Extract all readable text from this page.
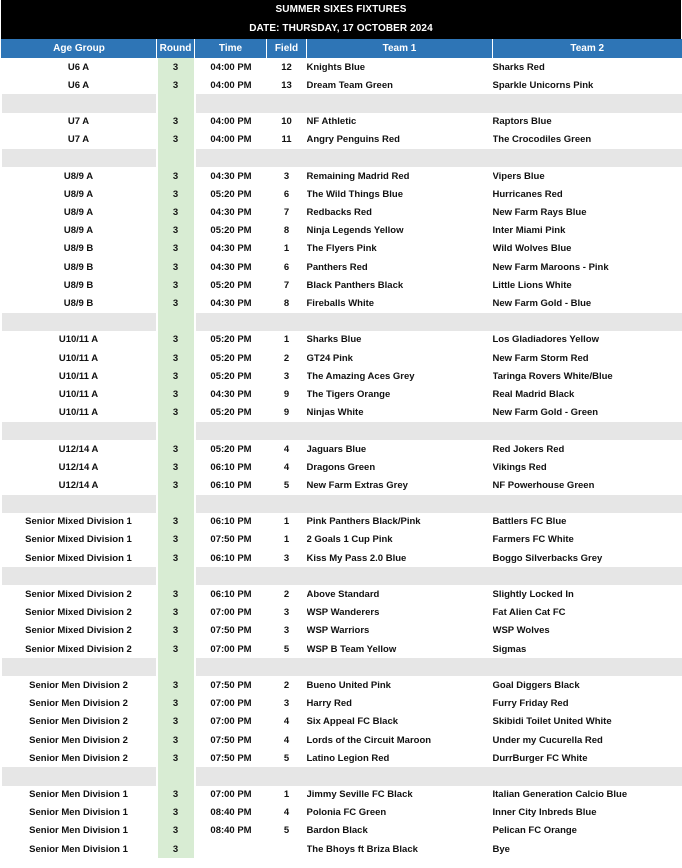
SUMMER SIXES FIXTURES
DATE: THURSDAY, 17 OCTOBER 2024
Age Group	Round	Time	Field	Team 1	Team 2
U6 A	3	04:00 PM	12	Knights Blue	Sharks Red
U6 A	3	04:00 PM	13	Dream Team Green	Sparkle Unicorns Pink

U7 A	3	04:00 PM	10	NF Athletic	Raptors Blue
U7 A	3	04:00 PM	11	Angry Penguins Red	The Crocodiles Green

U8/9 A	3	04:30 PM	3	Remaining Madrid Red	Vipers Blue
U8/9 A	3	05:20 PM	6	The Wild Things Blue	Hurricanes Red
U8/9 A	3	04:30 PM	7	Redbacks Red	New Farm Rays Blue
U8/9 A	3	05:20 PM	8	Ninja Legends Yellow	Inter Miami Pink
U8/9 B	3	04:30 PM	1	The Flyers Pink	Wild Wolves Blue
U8/9 B	3	04:30 PM	6	Panthers Red	New Farm Maroons - Pink
U8/9 B	3	05:20 PM	7	Black Panthers Black	Little Lions White
U8/9 B	3	04:30 PM	8	Fireballs White	New Farm Gold - Blue

U10/11 A	3	05:20 PM	1	Sharks Blue	Los Gladiadores Yellow
U10/11 A	3	05:20 PM	2	GT24 Pink	New Farm Storm Red
U10/11 A	3	05:20 PM	3	The Amazing Aces Grey	Taringa Rovers White/Blue
U10/11 A	3	04:30 PM	9	The Tigers Orange	Real Madrid Black
U10/11 A	3	05:20 PM	9	Ninjas White	New Farm Gold - Green

U12/14 A	3	05:20 PM	4	Jaguars Blue	Red Jokers Red
U12/14 A	3	06:10 PM	4	Dragons Green	Vikings Red
U12/14 A	3	06:10 PM	5	New Farm Extras Grey	NF Powerhouse Green

Senior Mixed Division 1	3	06:10 PM	1	Pink Panthers Black/Pink	Battlers FC Blue
Senior Mixed Division 1	3	07:50 PM	1	2 Goals 1 Cup Pink	Farmers FC White
Senior Mixed Division 1	3	06:10 PM	3	Kiss My Pass 2.0 Blue	Boggo Silverbacks Grey

Senior Mixed Division 2	3	06:10 PM	2	Above Standard	Slightly Locked In
Senior Mixed Division 2	3	07:00 PM	3	WSP Wanderers	Fat Alien Cat FC
Senior Mixed Division 2	3	07:50 PM	3	WSP Warriors	WSP Wolves
Senior Mixed Division 2	3	07:00 PM	5	WSP B Team Yellow	Sigmas

Senior Men Division 2	3	07:50 PM	2	Bueno United Pink	Goal Diggers Black
Senior Men Division 2	3	07:00 PM	3	Harry Red	Furry Friday Red
Senior Men Division 2	3	07:00 PM	4	Six Appeal FC Black	Skibidi Toilet United White
Senior Men Division 2	3	07:50 PM	4	Lords of the Circuit Maroon	Under my Cucurella Red
Senior Men Division 2	3	07:50 PM	5	Latino Legion Red	DurrBurger FC White

Senior Men Division 1	3	07:00 PM	1	Jimmy Seville FC Black	Italian Generation Calcio Blue
Senior Men Division 1	3	08:40 PM	4	Polonia FC Green	Inner City Inbreds Blue
Senior Men Division 1	3	08:40 PM	5	Bardon Black	Pelican FC Orange
Senior Men Division 1	3			The Bhoys ft Briza Black	Bye
